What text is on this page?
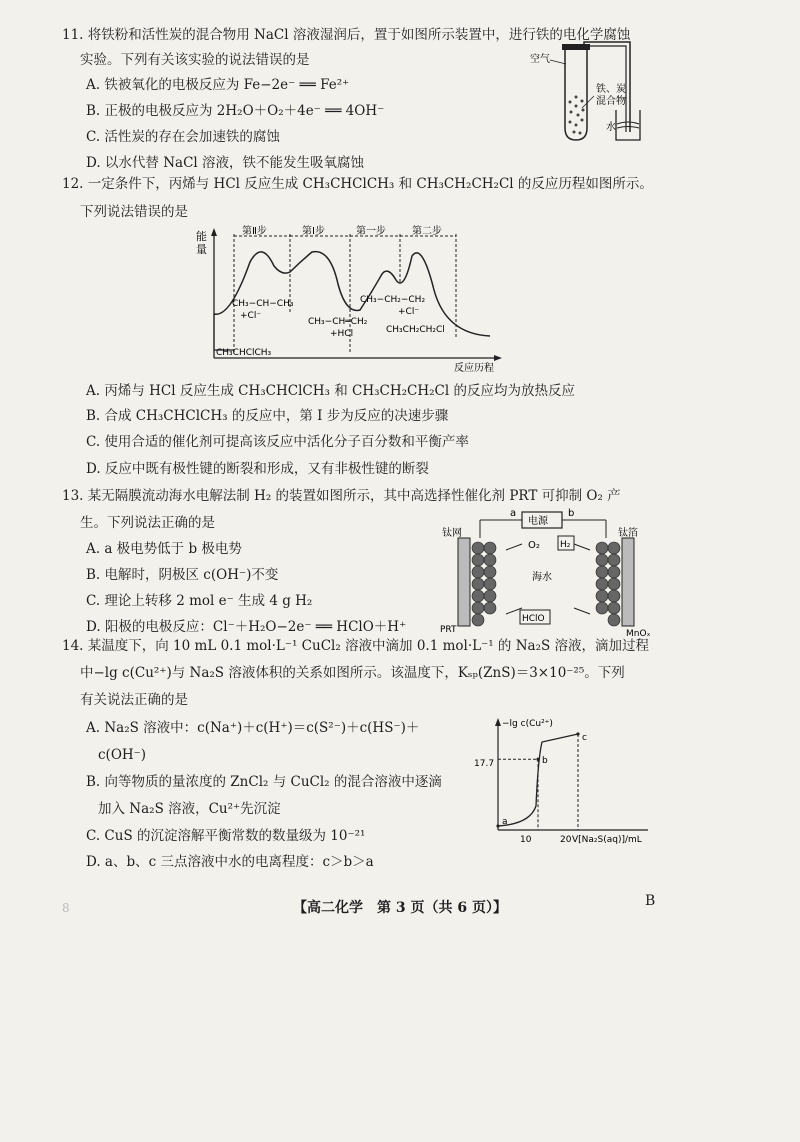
11. 将铁粉和活性炭的混合物用 NaCl 溶液湿润后，置于如图所示装置中，进行铁的电化学腐蚀
实验。下列有关该实验的说法错误的是
A. 铁被氧化的电极反应为 Fe−2e⁻ ══ Fe²⁺
B. 正极的电极反应为 2H₂O＋O₂＋4e⁻ ══ 4OH⁻
C. 活性炭的存在会加速铁的腐蚀
D. 以水代替 NaCl 溶液，铁不能发生吸氧腐蚀
空气
铁、炭
混合物
水
12. 一定条件下，丙烯与 HCl 反应生成 CH₃CHClCH₃ 和 CH₃CH₂CH₂Cl 的反应历程如图所示。
下列说法错误的是
能
量
反应历程
第Ⅱ步	第Ⅰ步	第一步	第二步
CH₃−CH−CH₃
+Cl⁻
CH₃−CH═CH₂
+HCl
CH₃−CH₂−CH₂
+Cl⁻
CH₃CH₂CH₂Cl
CH₃CHClCH₃
A. 丙烯与 HCl 反应生成 CH₃CHClCH₃ 和 CH₃CH₂CH₂Cl 的反应均为放热反应
B. 合成 CH₃CHClCH₃ 的反应中，第 Ⅰ 步为反应的决速步骤
C. 使用合适的催化剂可提高该反应中活化分子百分数和平衡产率
D. 反应中既有极性键的断裂和形成，又有非极性键的断裂
13. 某无隔膜流动海水电解法制 H₂ 的装置如图所示，其中高选择性催化剂 PRT 可抑制 O₂ 产
生。下列说法正确的是
A. a 极电势低于 b 极电势
B. 电解时，阴极区 c(OH⁻)不变
C. 理论上转移 2 mol e⁻ 生成 4 g H₂
D. 阳极的电极反应：Cl⁻＋H₂O−2e⁻ ══ HClO＋H⁺
电源
a	b
O₂ H₂
海水
HClO
钛网	钛箔
PRT	MnOₓ
14. 某温度下，向 10 mL 0.1 mol·L⁻¹ CuCl₂ 溶液中滴加 0.1 mol·L⁻¹ 的 Na₂S 溶液，滴加过程
中−lg c(Cu²⁺)与 Na₂S 溶液体积的关系如图所示。该温度下，Kₛₚ(ZnS)＝3×10⁻²⁵。下列
有关说法正确的是
A. Na₂S 溶液中：c(Na⁺)＋c(H⁺)＝c(S²⁻)＋c(HS⁻)＋
c(OH⁻)
B. 向等物质的量浓度的 ZnCl₂ 与 CuCl₂ 的混合溶液中逐滴
加入 Na₂S 溶液，Cu²⁺先沉淀
C. CuS 的沉淀溶解平衡常数的数量级为 10⁻²¹
D. a、b、c 三点溶液中水的电离程度：c＞b＞a
−lg c(Cu²⁺)
V[Na₂S(aq)]/mL
10	20
17.7
a
b
c
【高二化学　第 3 页（共 6 页）】	B
8
